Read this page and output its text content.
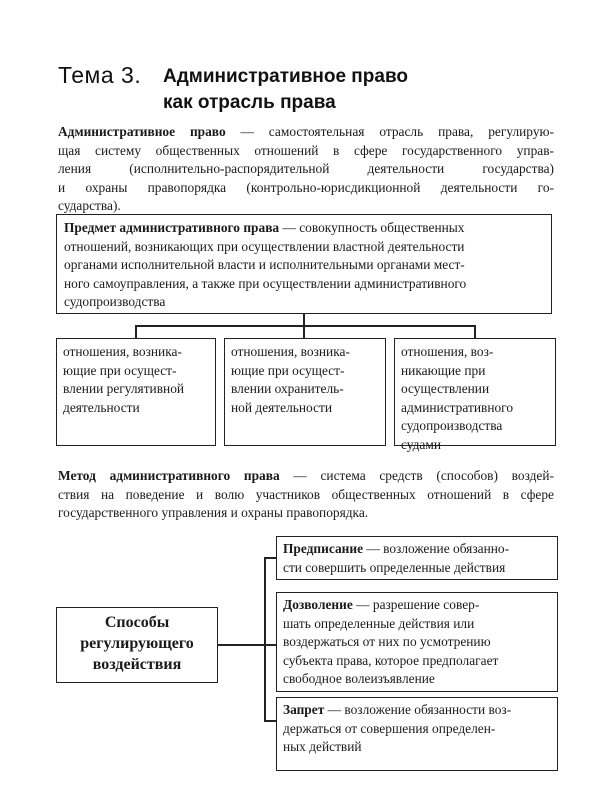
Тема 3. Административное право
как отрасль права
Административное право — самостоятельная отрасль права, регулирую-
щая систему общественных отношений в сфере государственного управ-
ления (исполнительно-распорядительной деятельности государства)
и охраны правопорядка (контрольно-юрисдикционной деятельности го-
сударства).
Предмет административного права — совокупность общественных
отношений, возникающих при осуществлении властной деятельности
органами исполнительной власти и исполнительными органами мест-
ного самоуправления, а также при осуществлении административного
судопроизводства
отношения, возника-
ющие при осущест-
влении регулятивной
деятельности
отношения, возника-
ющие при осущест-
влении охранитель-
ной деятельности
отношения, воз-
никающие при
осуществлении
административного
судопроизводства
судами
Метод административного права — система средств (способов) воздей-
ствия на поведение и волю участников общественных отношений в сфере
государственного управления и охраны правопорядка.
Способы
регулирующего
воздействия
Предписание — возложение обязанно-
сти совершить определенные действия
Дозволение — разрешение совер-
шать определенные действия или
воздержаться от них по усмотрению
субъекта права, которое предполагает
свободное волеизъявление
Запрет — возложение обязанности воз-
держаться от совершения определен-
ных действий
